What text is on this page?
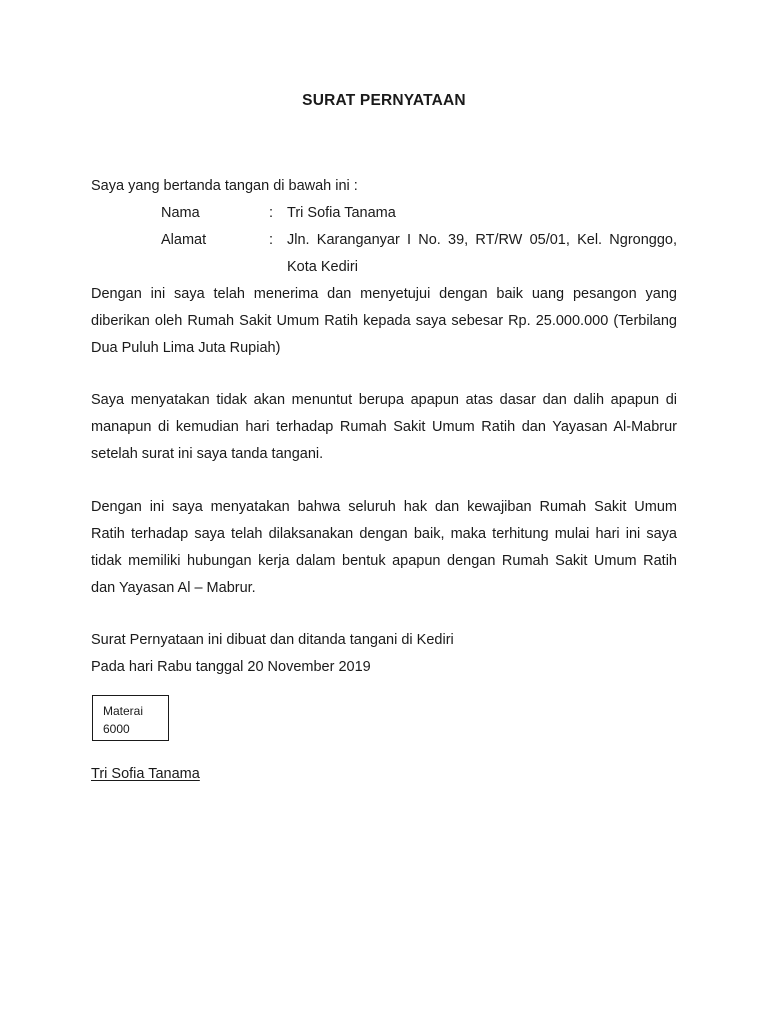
SURAT PERNYATAAN
Saya yang bertanda tangan di bawah ini :
Nama	: Tri Sofia Tanama
Alamat	: Jln. Karanganyar I No. 39, RT/RW 05/01, Kel. Ngronggo,
Kota Kediri
Dengan ini saya telah menerima dan menyetujui dengan baik uang pesangon yang
diberikan oleh Rumah Sakit Umum Ratih kepada saya sebesar Rp. 25.000.000 (Terbilang
Dua Puluh Lima Juta Rupiah)
Saya menyatakan tidak akan menuntut berupa apapun atas dasar dan dalih apapun di
manapun di kemudian hari terhadap Rumah Sakit Umum Ratih dan Yayasan Al-Mabrur
setelah surat ini saya tanda tangani.
Dengan ini saya menyatakan bahwa seluruh hak dan kewajiban Rumah Sakit Umum
Ratih terhadap saya telah dilaksanakan dengan baik, maka terhitung mulai hari ini saya
tidak memiliki hubungan kerja dalam bentuk apapun dengan Rumah Sakit Umum Ratih
dan Yayasan Al – Mabrur.
Surat Pernyataan ini dibuat dan ditanda tangani di Kediri
Pada hari Rabu tanggal 20 November 2019
Materai
6000
Tri Sofia Tanama
